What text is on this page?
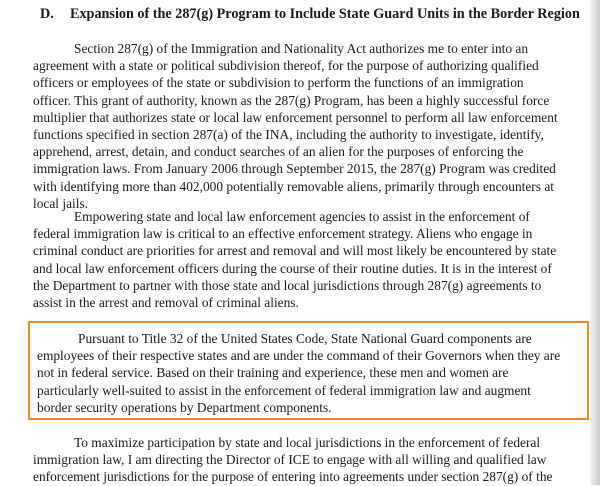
D. Expansion of the 287(g) Program to Include State Guard Units in the Border Region

Section 287(g) of the Immigration and Nationality Act authorizes me to enter into an
agreement with a state or political subdivision thereof, for the purpose of authorizing qualified
officers or employees of the state or subdivision to perform the functions of an immigration
officer. This grant of authority, known as the 287(g) Program, has been a highly successful force
multiplier that authorizes state or local law enforcement personnel to perform all law enforcement
functions specified in section 287(a) of the INA, including the authority to investigate, identify,
apprehend, arrest, detain, and conduct searches of an alien for the purposes of enforcing the
immigration laws. From January 2006 through September 2015, the 287(g) Program was credited
with identifying more than 402,000 potentially removable aliens, primarily through encounters at
local jails.

Empowering state and local law enforcement agencies to assist in the enforcement of
federal immigration law is critical to an effective enforcement strategy. Aliens who engage in
criminal conduct are priorities for arrest and removal and will most likely be encountered by state
and local law enforcement officers during the course of their routine duties. It is in the interest of
the Department to partner with those state and local jurisdictions through 287(g) agreements to
assist in the arrest and removal of criminal aliens.

Pursuant to Title 32 of the United States Code, State National Guard components are
employees of their respective states and are under the command of their Governors when they are
not in federal service. Based on their training and experience, these men and women are
particularly well-suited to assist in the enforcement of federal immigration law and augment
border security operations by Department components.

To maximize participation by state and local jurisdictions in the enforcement of federal
immigration law, I am directing the Director of ICE to engage with all willing and qualified law
enforcement jurisdictions for the purpose of entering into agreements under section 287(g) of the
